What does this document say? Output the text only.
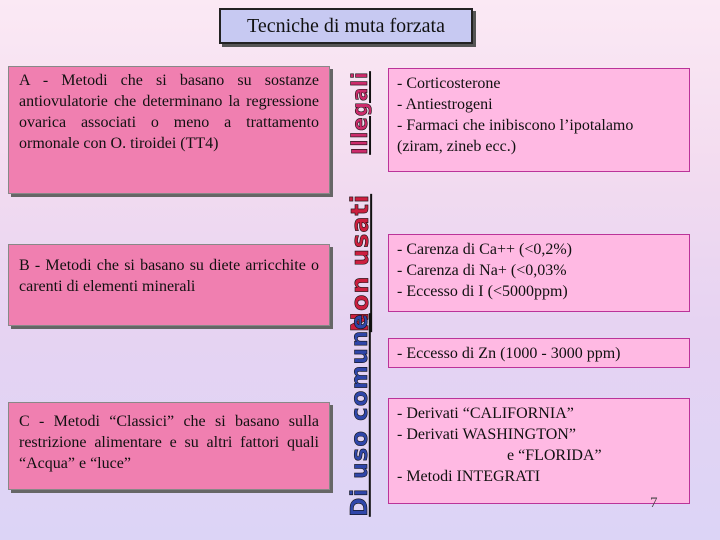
Tecniche di muta forzata
A - Metodi che si basano su sostanze antiovulatorie che determinano la regressione ovarica associati o meno a trattamento ormonale con O. tiroidei (TT4)	Illegali - Corticosterone
- Antiestrogeni
- Farmaci che inibiscono l’ipotalamo (ziram, zineb ecc.)
B - Metodi che si basano su diete arricchite o carenti di elementi minerali	Non usati - Carenza di Ca++ (<0,2%)
- Carenza di Na+ (<0,03%
- Eccesso di I (<5000ppm)
- Eccesso di Zn (1000 - 3000 ppm)
Di uso comune
C - Metodi “Classici” che si basano sulla restrizione alimentare e su altri fattori quali “Acqua” e “luce”
- Derivati “CALIFORNIA”
- Derivati WASHINGTON”
e “FLORIDA”
- Metodi INTEGRATI
7
